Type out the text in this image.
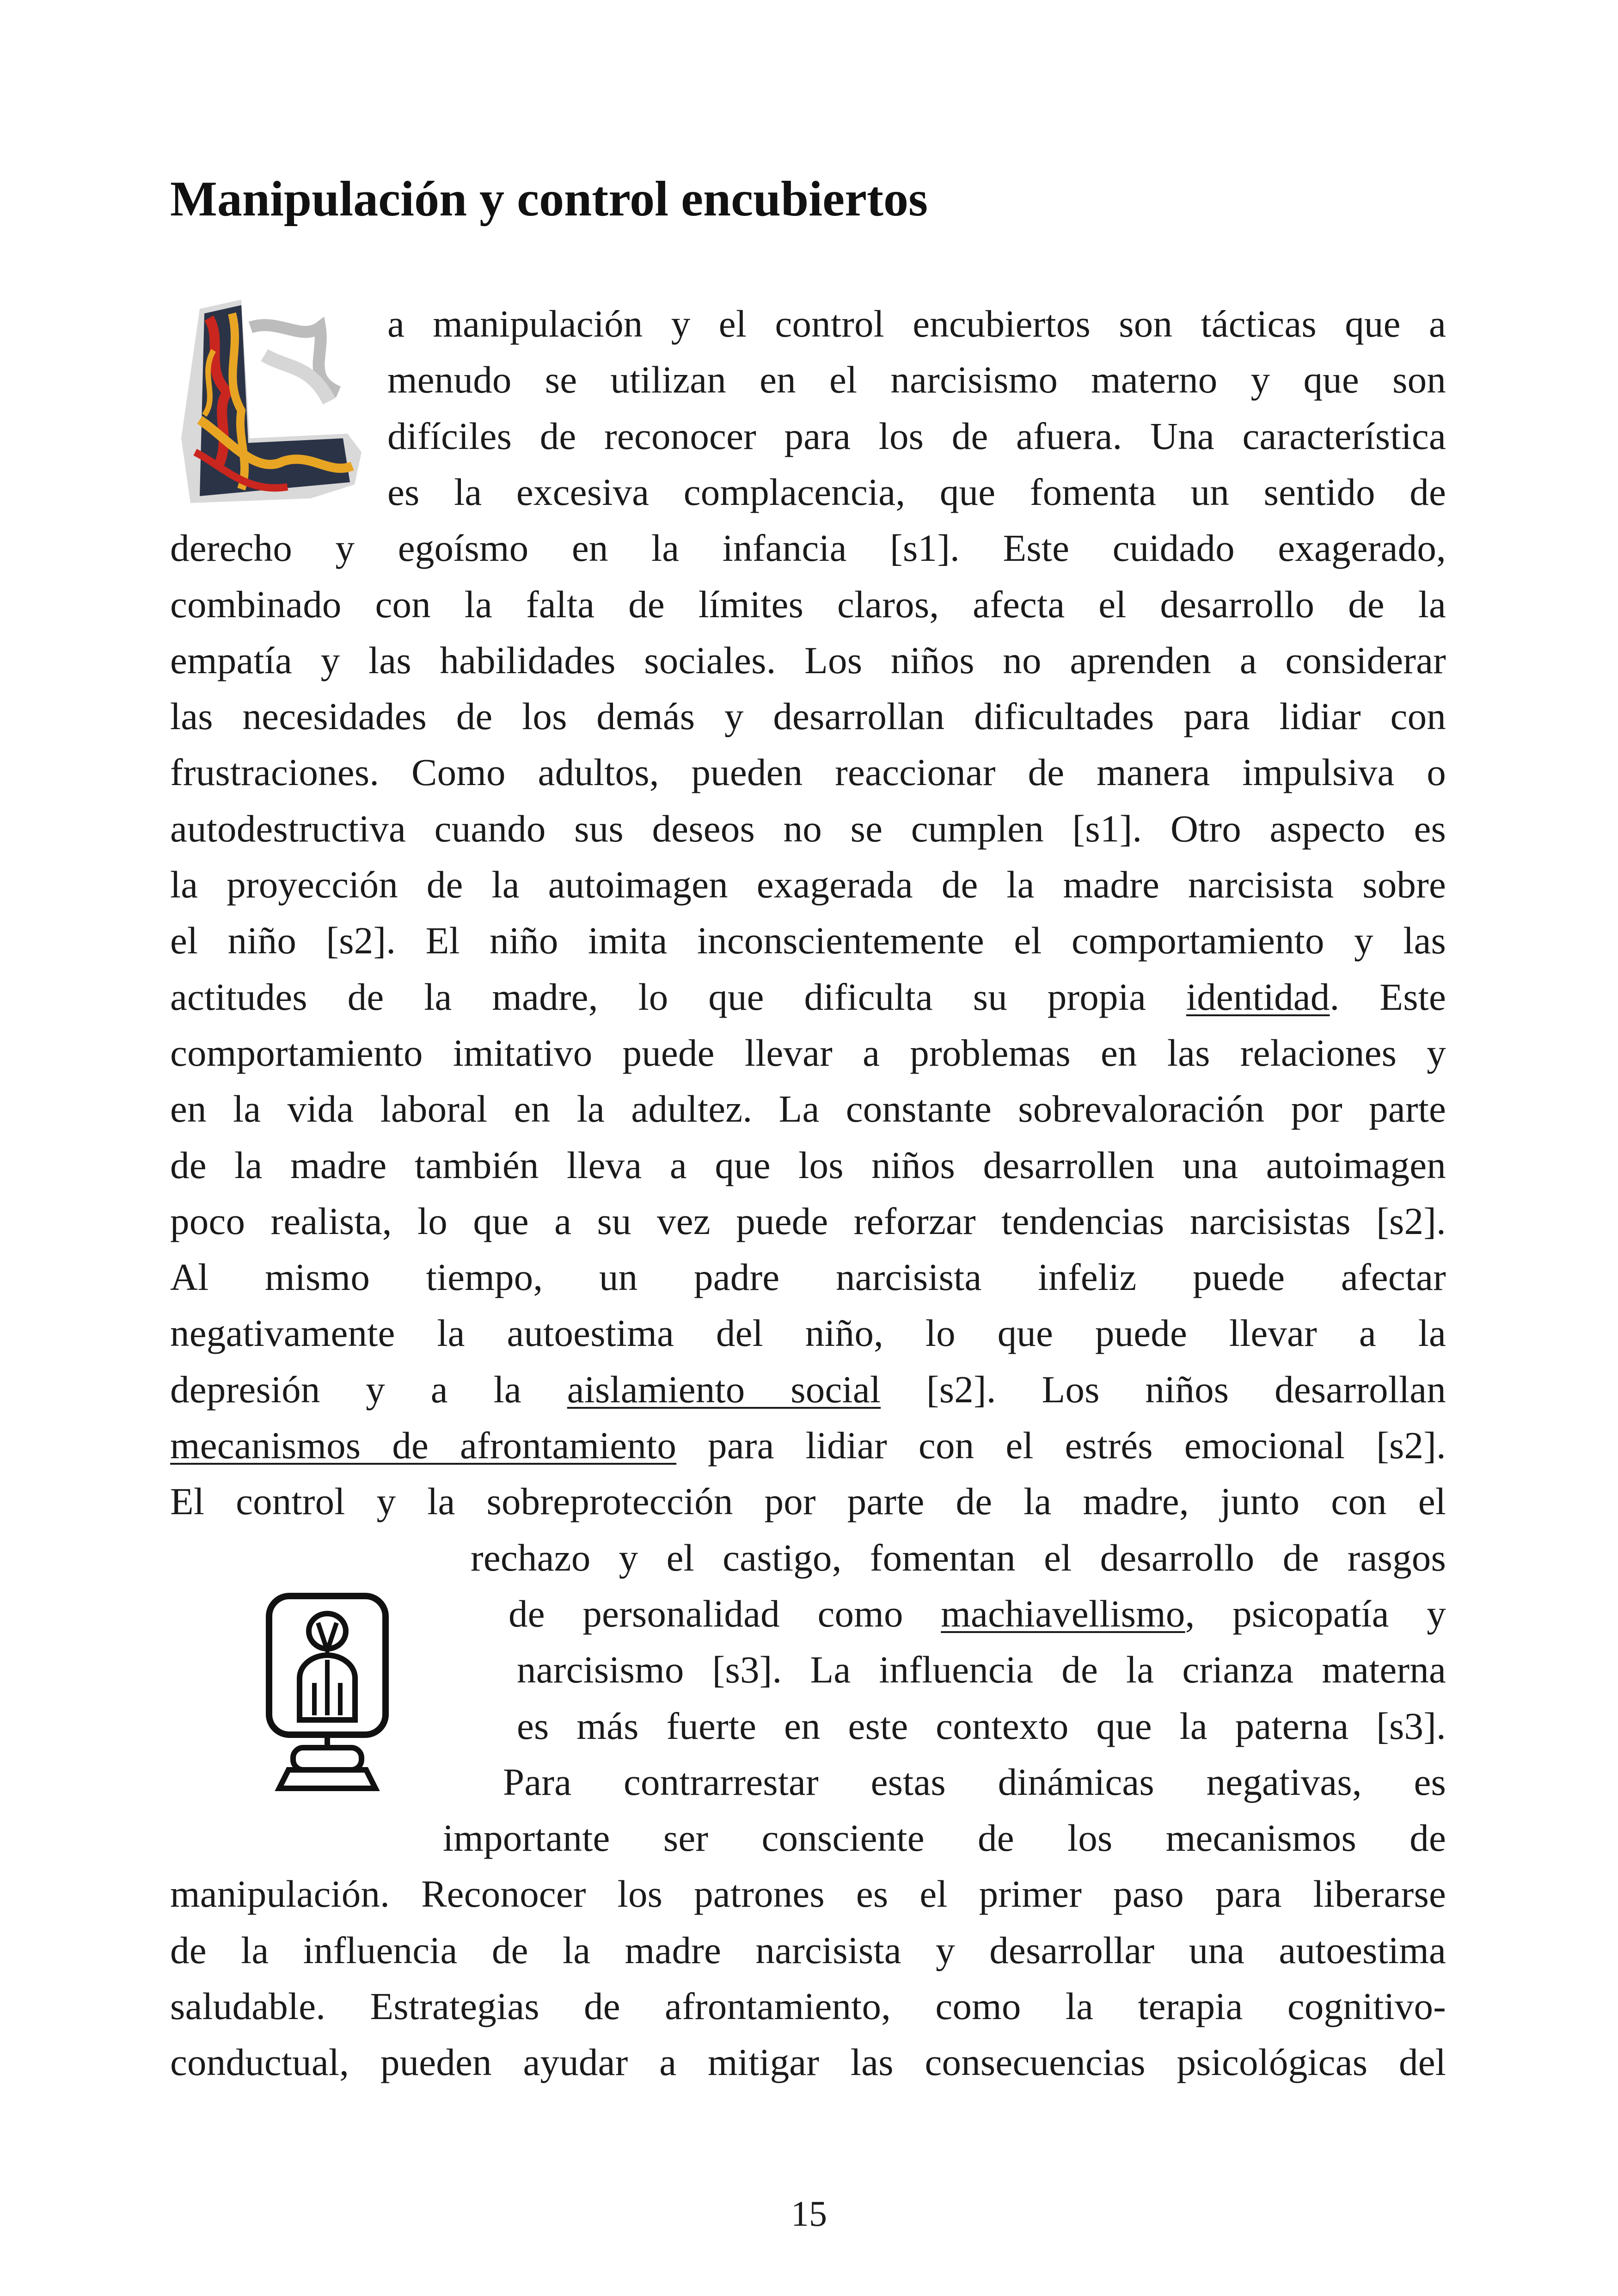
Manipulación y control encubiertos
a manipulación y el control encubiertos son tácticas que a
menudo se utilizan en el narcisismo materno y que son
difíciles de reconocer para los de afuera. Una característica
es la excesiva complacencia, que fomenta un sentido de
derecho y egoísmo en la infancia [s1]. Este cuidado exagerado,
combinado con la falta de límites claros, afecta el desarrollo de la
empatía y las habilidades sociales. Los niños no aprenden a considerar
las necesidades de los demás y desarrollan dificultades para lidiar con
frustraciones. Como adultos, pueden reaccionar de manera impulsiva o
autodestructiva cuando sus deseos no se cumplen [s1]. Otro aspecto es
la proyección de la autoimagen exagerada de la madre narcisista sobre
el niño [s2]. El niño imita inconscientemente el comportamiento y las
actitudes de la madre, lo que dificulta su propia identidad. Este
comportamiento imitativo puede llevar a problemas en las relaciones y
en la vida laboral en la adultez. La constante sobrevaloración por parte
de la madre también lleva a que los niños desarrollen una autoimagen
poco realista, lo que a su vez puede reforzar tendencias narcisistas [s2].
Al mismo tiempo, un padre narcisista infeliz puede afectar
negativamente la autoestima del niño, lo que puede llevar a la
depresión y a la aislamiento social [s2]. Los niños desarrollan
mecanismos de afrontamiento para lidiar con el estrés emocional [s2].
El control y la sobreprotección por parte de la madre, junto con el
rechazo y el castigo, fomentan el desarrollo de rasgos
de personalidad como machiavellismo, psicopatía y
narcisismo [s3]. La influencia de la crianza materna
es más fuerte en este contexto que la paterna [s3].
Para contrarrestar estas dinámicas negativas, es
importante ser consciente de los mecanismos de
manipulación. Reconocer los patrones es el primer paso para liberarse
de la influencia de la madre narcisista y desarrollar una autoestima
saludable. Estrategias de afrontamiento, como la terapia cognitivo-
conductual, pueden ayudar a mitigar las consecuencias psicológicas del
15
